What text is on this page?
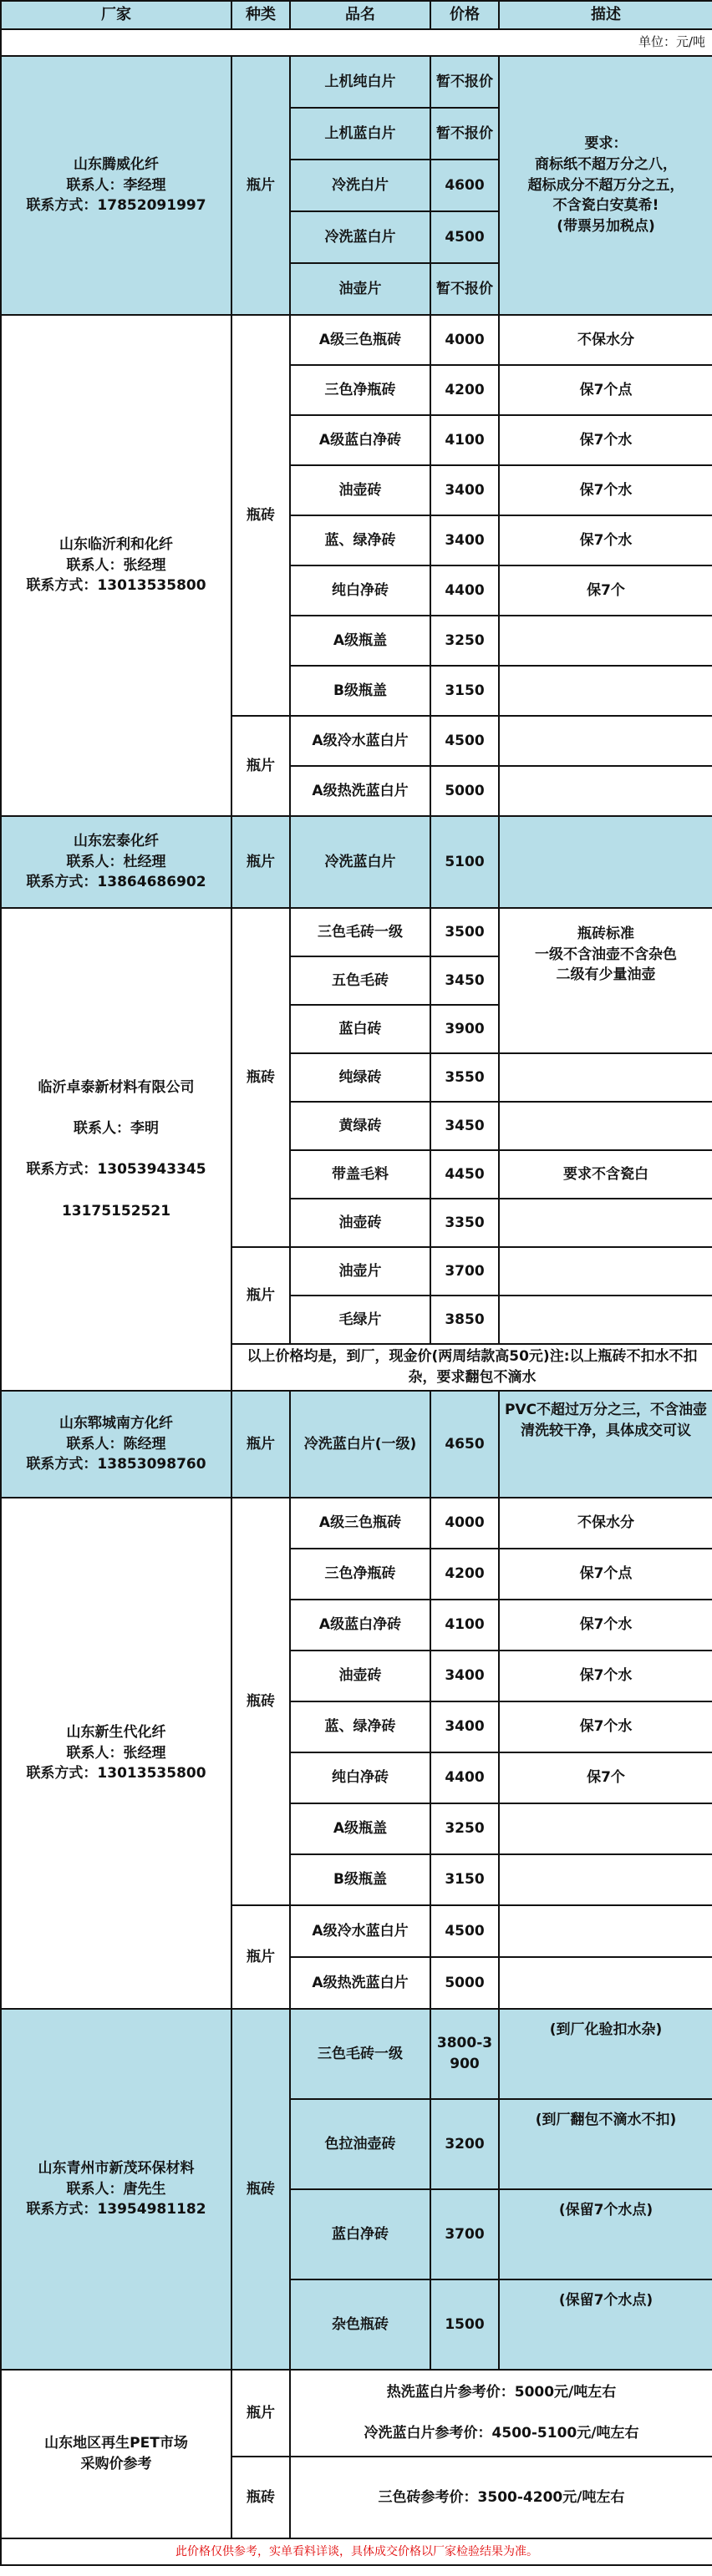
厂家	种类	品名	价格	描述
单位：元/吨				
山东腾威化纤
联系人：李经理
联系方式：17852091997	瓶片	上机纯白片	暂不报价	要求：
商标纸不超万分之八，
超标成分不超万分之五，
不含瓷白安莫希!
(带票另加税点)
		上机蓝白片	暂不报价	
		冷洗白片	4600	
		冷洗蓝白片	4500	
		油壶片	暂不报价	
山东临沂利和化纤
联系人：张经理
联系方式：13013535800	瓶砖	A级三色瓶砖	4000	不保水分
		三色净瓶砖	4200	保7个点
		A级蓝白净砖	4100	保7个水
		油壶砖	3400	保7个水
		蓝、绿净砖	3400	保7个水
		纯白净砖	4400	保7个
		A级瓶盖	3250	
		B级瓶盖	3150	
	瓶片	A级冷水蓝白片	4500	
		A级热洗蓝白片	5000	
山东宏泰化纤
联系人：杜经理
联系方式：13864686902	瓶片	冷洗蓝白片	5100	
临沂卓泰新材料有限公司

联系人：李明

联系方式：13053943345

13175152521	瓶砖	三色毛砖一级	3500	瓶砖标准
一级不含油壶不含杂色
二级有少量油壶
		五色毛砖	3450	
		蓝白砖	3900	
		纯绿砖	3550	
		黄绿砖	3450	
		带盖毛料	4450	要求不含瓷白
		油壶砖	3350	
	瓶片	油壶片	3700	
		毛绿片	3850	
	以上价格均是，到厂，现金价(两周结款高50元)注:以上瓶砖不扣水不扣杂，要求翻包不滴水			
山东郓城南方化纤
联系人：陈经理
联系方式：13853098760	瓶片	冷洗蓝白片(一级)	4650	PVC不超过万分之三，不含油壶清洗较干净，具体成交可议
山东新生代化纤
联系人：张经理
联系方式：13013535800	瓶砖	A级三色瓶砖	4000	不保水分
		三色净瓶砖	4200	保7个点
		A级蓝白净砖	4100	保7个水
		油壶砖	3400	保7个水
		蓝、绿净砖	3400	保7个水
		纯白净砖	4400	保7个
		A级瓶盖	3250	
		B级瓶盖	3150	
	瓶片	A级冷水蓝白片	4500	
		A级热洗蓝白片	5000	
山东青州市新茂环保材料
联系人：唐先生
联系方式：13954981182	瓶砖	三色毛砖一级	3800-3900	(到厂化验扣水杂)
		色拉油壶砖	3200	(到厂翻包不滴水不扣)
		蓝白净砖	3700	(保留7个水点)
		杂色瓶砖	1500	(保留7个水点)
山东地区再生PET市场
采购价参考	瓶片	热洗蓝白片参考价：5000元/吨左右

冷洗蓝白片参考价：4500-5100元/吨左右		
	瓶砖	三色砖参考价：3500-4200元/吨左右		
此价格仅供参考，实单看料详谈，具体成交价格以厂家检验结果为准。				
